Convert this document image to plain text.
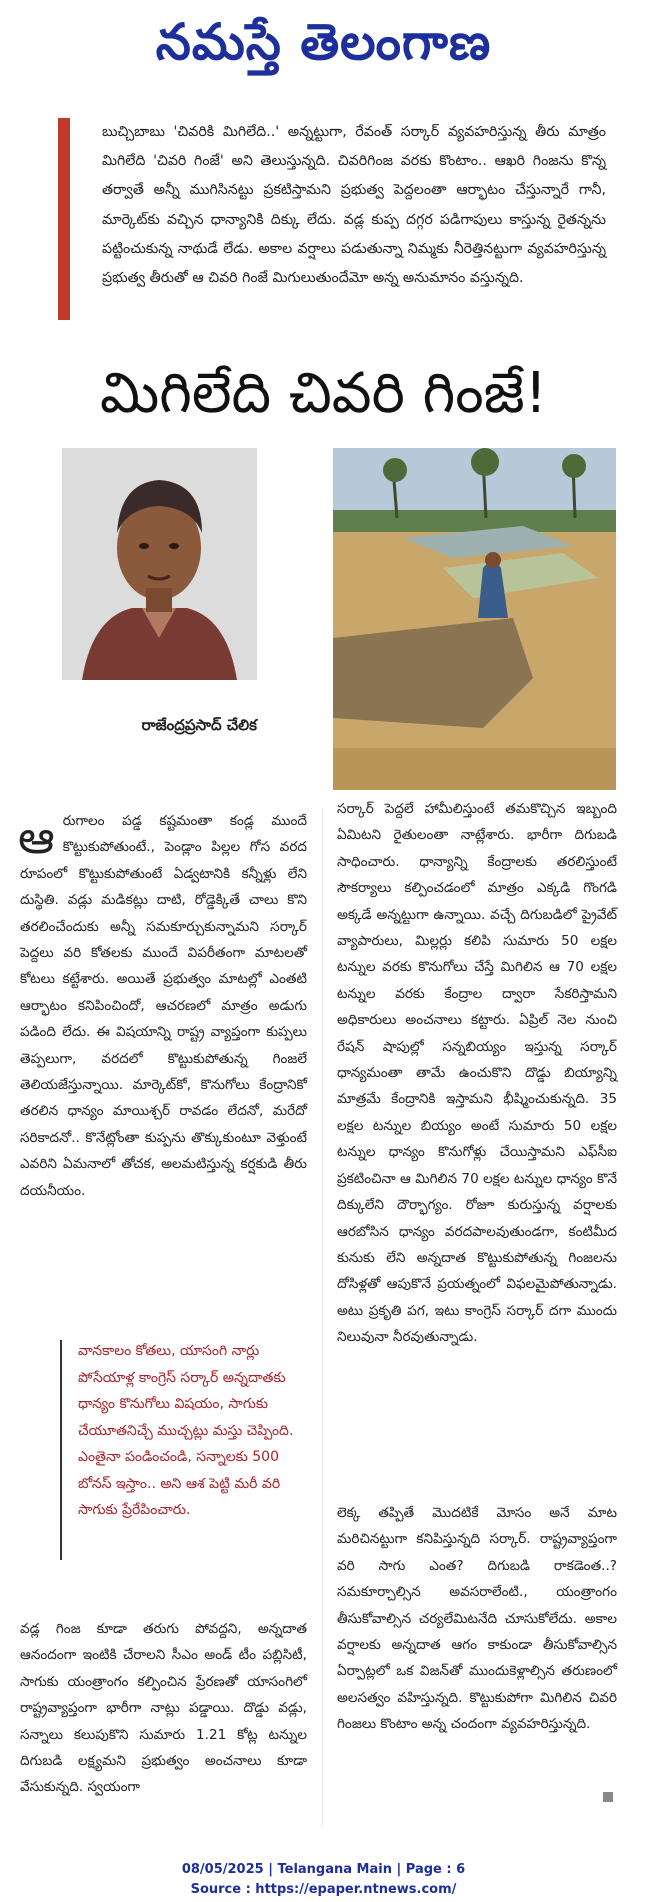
నమస్తే తెలంగాణ

బుచ్చిబాబు 'చివరికి మిగిలేది..' అన్నట్టుగా, రేవంత్‌ సర్కార్‌ వ్యవహరిస్తున్న తీరు మాత్రం మిగిలేది 'చివరి గింజే' అని తెలుస్తున్నది. చివరిగింజ వరకు కొంటాం.. ఆఖరి గింజను కొన్న తర్వాతే అన్నీ ముగిసినట్టు ప్రకటిస్తామని ప్రభుత్వ పెద్దలంతా ఆర్భాటం చేస్తున్నారే గానీ, మార్కెట్‌కు వచ్చిన ధాన్యానికి దిక్కు లేదు. వడ్ల కుప్ప దగ్గర పడిగాపులు కాస్తున్న రైతన్నను పట్టించుకున్న నాథుడే లేడు. అకాల వర్షాలు పడుతున్నా నిమ్మకు నీరెత్తినట్టుగా వ్యవహరిస్తున్న ప్రభుత్వ తీరుతో ఆ చివరి గింజే మిగులుతుందేమో అన్న అనుమానం వస్తున్నది.

మిగిలేది చివరి గింజే!
రాజేంద్రప్రసాద్‌ చేలిక
ఆరుగాలం పడ్డ కష్టమంతా కండ్ల ముందే కొట్టుకుపోతుంటే., పెండ్లాం పిల్లల గోస వరద రూపంలో కొట్టుకుపోతుంటే ఏడ్వటానికి కన్నీళ్లు లేని దుస్థితి. వడ్లు మడికట్లు దాటి, రోడ్డెక్కితే చాలు కొని తరలించేందుకు అన్నీ సమకూర్చుకున్నామని సర్కార్‌ పెద్దలు వరి కోతలకు ముందే విపరీతంగా మాటలతో కోటలు కట్టేశారు. అయితే ప్రభుత్వం మాటల్లో ఎంతటి ఆర్భాటం కనిపించిందో, ఆచరణలో మాత్రం అడుగు పడింది లేదు. ఈ విషయాన్ని రాష్ట్ర వ్యాప్తంగా కుప్పలు తెప్పలుగా, వరదలో కొట్టుకుపోతున్న గింజలే తెలియజేస్తున్నాయి. మార్కెట్‌కో, కొనుగోలు కేంద్రానికో తరలిన ధాన్యం మాయిశ్చర్‌ రావడం లేదనో, మరేదో సరికాదనో.. కొనేట్లోంతా కుప్పను తొక్కుకుంటూ వెళ్తుంటే ఎవరిని ఏమనాలో తోచక, అలమటిస్తున్న కర్షకుడి తీరు దయనీయం.

వానకాలం కోతలు, యాసంగి నార్లు పోసేయాళ్ల కాంగ్రెస్‌ సర్కార్‌ అన్నదాతకు ధాన్యం కొనుగోలు విషయం, సాగుకు చేయూతనిచ్చే ముచ్చట్లు మస్తు చెప్పింది. ఎంతైనా పండించండి, సన్నాలకు 500 బోనస్‌ ఇస్తాం.. అని ఆశ పెట్టి మరీ వరి సాగుకు ప్రేరేపించారు.

వడ్ల గింజ కూడా తరుగు పోవద్దని, అన్నదాత ఆనందంగా ఇంటికి చేరాలని సీఎం అండ్‌ టీం పబ్లిసిటీ, సాగుకు యంత్రాంగం కల్పించిన ప్రేరణతో యాసంగిలో రాష్ట్రవ్యాప్తంగా భారీగా నాట్లు పడ్డాయి. దొడ్డు వడ్లు, సన్నాలు కలుపుకొని సుమారు 1.21 కోట్ల టన్నుల దిగుబడి లక్ష్యమని ప్రభుత్వం అంచనాలు కూడా వేసుకున్నది. స్వయంగా
సర్కార్‌ పెద్దలే హామీలిస్తుంటే తమకొచ్చిన ఇబ్బంది ఏమిటని రైతులంతా నాట్లేశారు. భారీగా దిగుబడి సాధించారు. ధాన్యాన్ని కేంద్రాలకు తరలిస్తుంటే సౌకర్యాలు కల్పించడంలో మాత్రం ఎక్కడి గొంగడి అక్కడే అన్నట్టుగా ఉన్నాయి. వచ్చే దిగుబడిలో ప్రైవేట్‌ వ్యాపారులు, మిల్లర్లు కలిపి సుమారు 50 లక్షల టన్నుల వరకు కొనుగోలు చేస్తే మిగిలిన ఆ 70 లక్షల టన్నుల వరకు కేంద్రాల ద్వారా సేకరిస్తామని అధికారులు అంచనాలు కట్టారు. ఏప్రిల్‌ నెల నుంచి రేషన్‌ షాపుల్లో సన్నబియ్యం ఇస్తున్న సర్కార్‌ ధాన్యమంతా తామే ఉంచుకొని దొడ్డు బియ్యాన్ని మాత్రమే కేంద్రానికి ఇస్తామని భీష్మించుకున్నది. 35 లక్షల టన్నుల బియ్యం అంటే సుమారు 50 లక్షల టన్నుల ధాన్యం కొనుగోళ్లు చేయిస్తామని ఎఫ్‌సీఐ ప్రకటించినా ఆ మిగిలిన 70 లక్షల టన్నుల ధాన్యం కొనే దిక్కులేని దౌర్భాగ్యం. రోజూ కురుస్తున్న వర్షాలకు ఆరబోసిన ధాన్యం వరదపాలవుతుండగా, కంటిమీద కునుకు లేని అన్నదాత కొట్టుకుపోతున్న గింజలను దోసిళ్లతో ఆపుకొనే ప్రయత్నంలో విఫలమైపోతున్నాడు. అటు ప్రకృతి పగ, ఇటు కాంగ్రెస్‌ సర్కార్‌ దగా ముందు నిలువునా నీరవుతున్నాడు.
లెక్క తప్పితే మొదటికే మోసం అనే మాట మరిచినట్టుగా కనిపిస్తున్నది సర్కార్‌. రాష్ట్రవ్యాప్తంగా వరి సాగు ఎంత? దిగుబడి రాకడెంత..? సమకూర్చాల్సిన అవసరాలేంటి., యంత్రాంగం తీసుకోవాల్సిన చర్యలేమిటనేది చూసుకోలేదు. అకాల వర్షాలకు అన్నదాత ఆగం కాకుండా తీసుకోవాల్సిన ఏర్పాట్లలో ఒక విజన్‌తో ముందుకెళ్లాల్సిన తరుణంలో అలసత్వం వహిస్తున్నది. కొట్టుకుపోగా మిగిలిన చివరి గింజలు కొంటాం అన్న చందంగా వ్యవహరిస్తున్నది.
08/05/2025 | Telangana Main | Page : 6
Source : https://epaper.ntnews.com/
